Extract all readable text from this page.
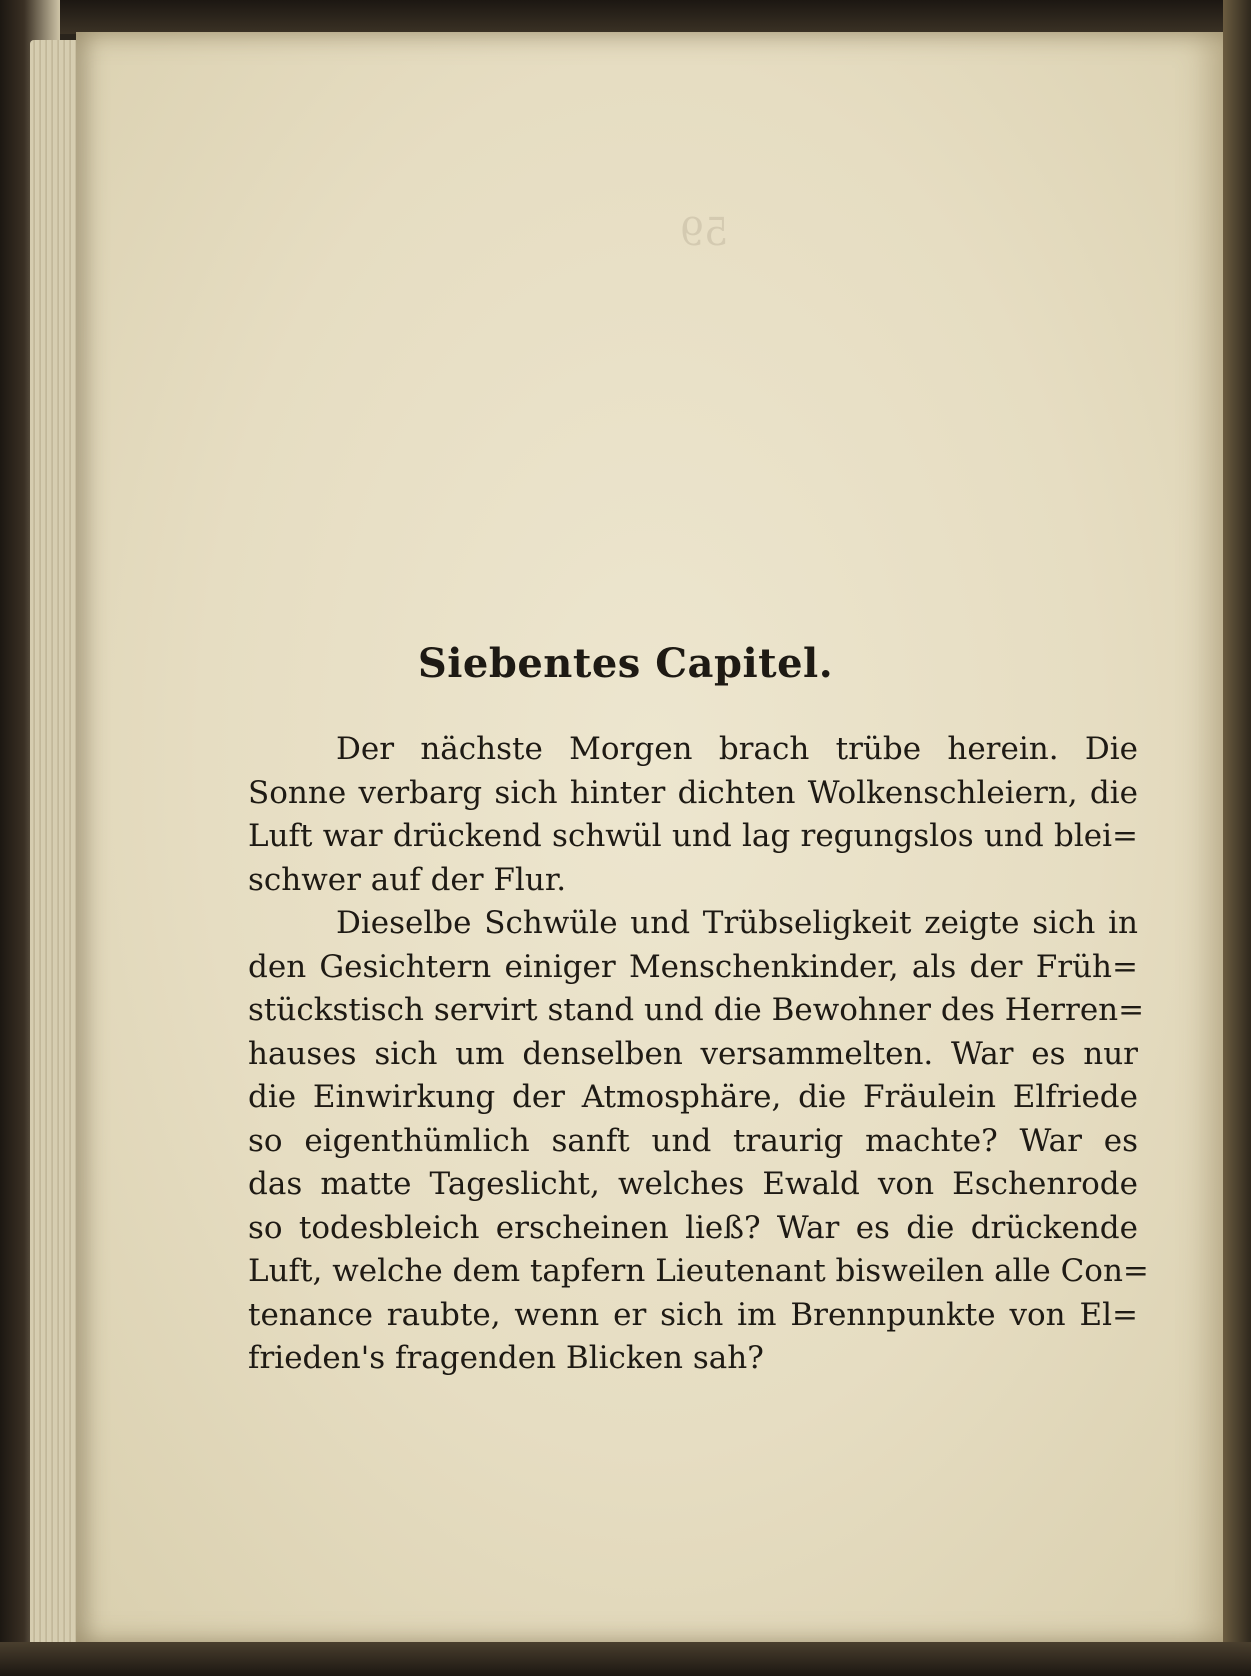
59
Siebentes Capitel.
Der nächste Morgen brach trübe herein. Die
Sonne verbarg sich hinter dichten Wolkenschleiern, die
Luft war drückend schwül und lag regungslos und blei=
schwer auf der Flur.
Dieselbe Schwüle und Trübseligkeit zeigte sich in
den Gesichtern einiger Menschenkinder, als der Früh=
stückstisch servirt stand und die Bewohner des Herren=
hauses sich um denselben versammelten. War es nur
die Einwirkung der Atmosphäre, die Fräulein Elfriede
so eigenthümlich sanft und traurig machte? War es
das matte Tageslicht, welches Ewald von Eschenrode
so todesbleich erscheinen ließ? War es die drückende
Luft, welche dem tapfern Lieutenant bisweilen alle Con=
tenance raubte, wenn er sich im Brennpunkte von El=
frieden's fragenden Blicken sah?
